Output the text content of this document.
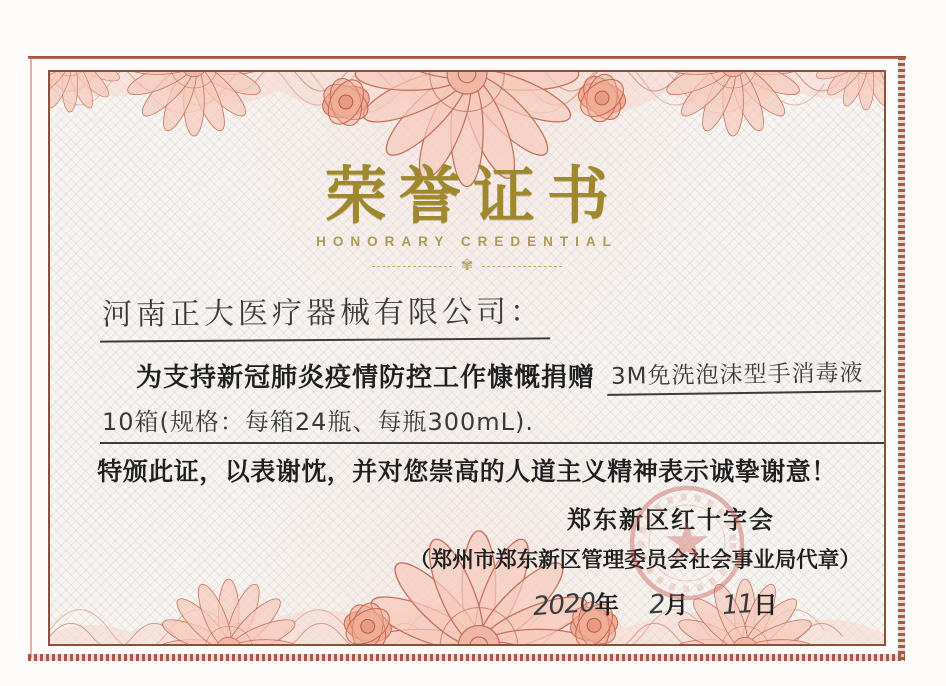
荣誉证书
HONORARY CREDENTIAL
✾
河南正大医疗器械有限公司：
为支持新冠肺炎疫情防控工作慷慨捐赠 3M免洗泡沫型手消毒液
10箱(规格：每箱24瓶、每瓶300mL).
特颁此证，以表谢忱，并对您崇高的人道主义精神表示诚挚谢意！
郑东新区红十字会
（郑州市郑东新区管理委员会社会事业局代章）
2020 年 2
月 11
日
